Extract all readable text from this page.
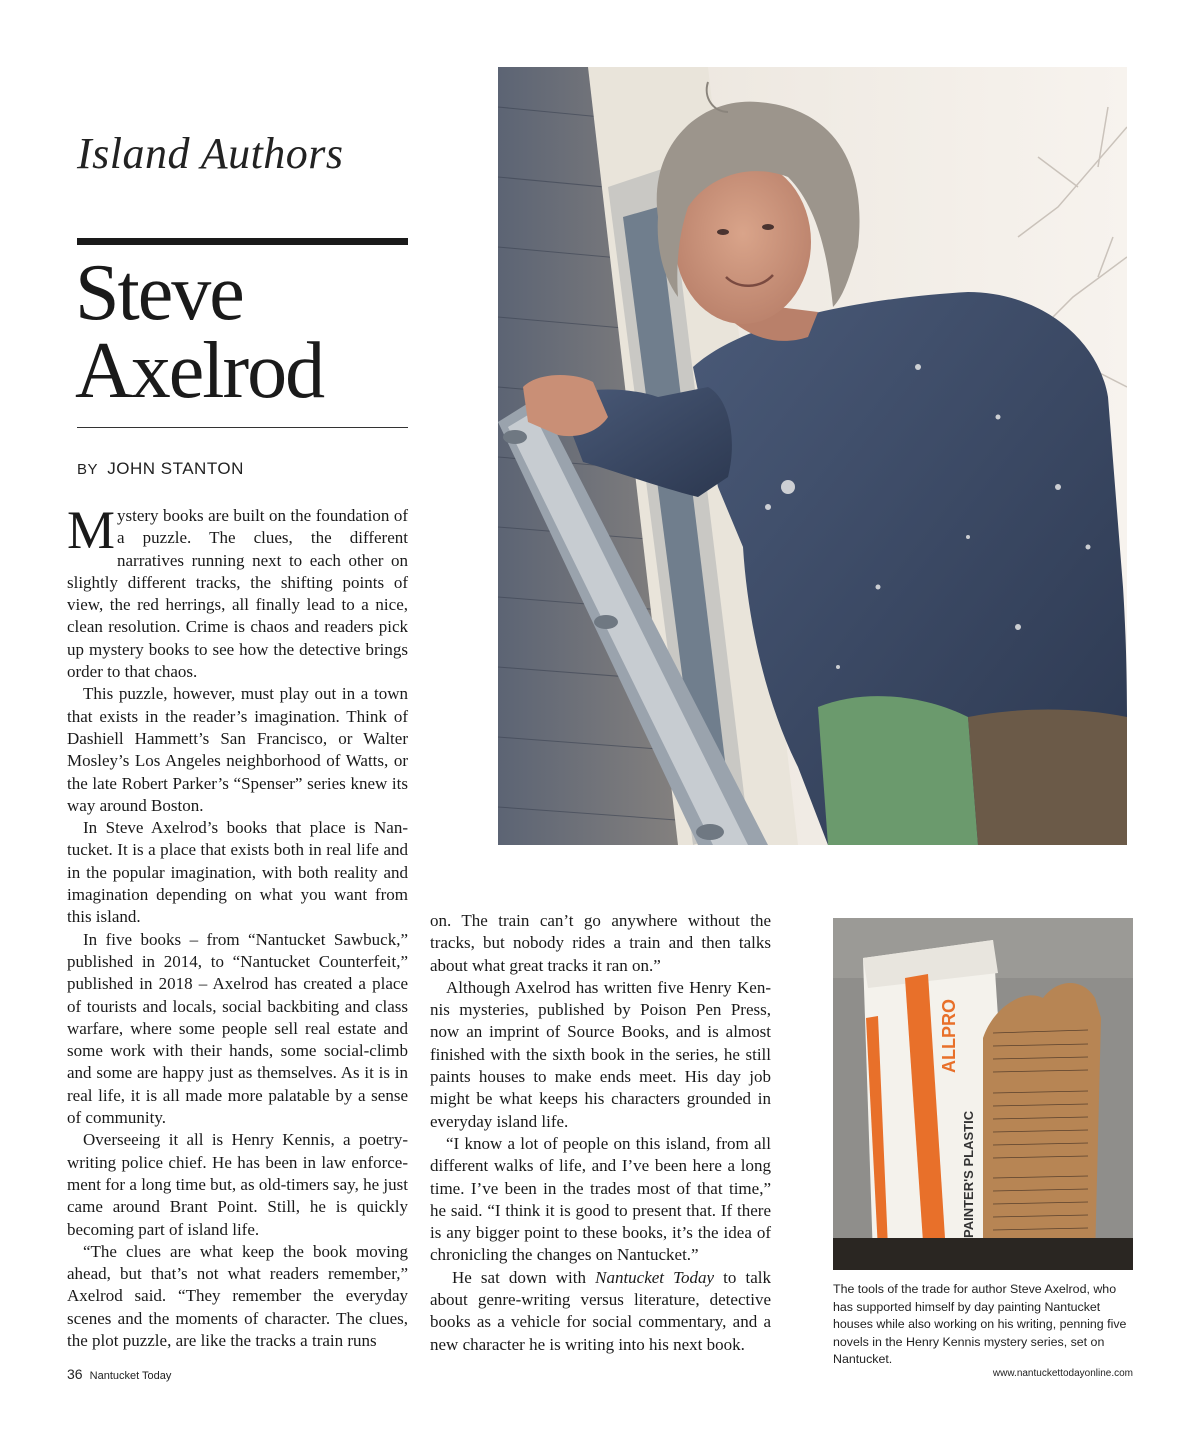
Island Authors
Steve
Axelrod
BY JOHN STANTON

Mystery books are built on the foundation of a puzzle. The clues, the different narratives running next to each other on slightly different tracks, the shifting points of view, the red herrings, all finally lead to a nice, clean resolution. Crime is chaos and readers pick up mystery books to see how the detective brings order to that chaos.

This puzzle, however, must play out in a town that exists in the reader’s imagination. Think of Dashiell Hammett’s San Francisco, or Walter Mosley’s Los Angeles neighborhood of Watts, or the late Robert Parker’s “Spenser” series knew its way around Boston.

In Steve Axelrod’s books that place is Nantucket. It is a place that exists both in real life and in the popular imagination, with both reality and imagination depending on what you want from this island.

In five books – from “Nantucket Sawbuck,” published in 2014, to “Nantucket Counterfeit,” published in 2018 – Axelrod has created a place of tourists and locals, social backbiting and class warfare, where some people sell real estate and some work with their hands, some social-climb and some are happy just as themselves. As it is in real life, it is all made more palatable by a sense of community.

Overseeing it all is Henry Kennis, a poetry-writing police chief. He has been in law enforcement for a long time but, as old-timers say, he just came around Brant Point. Still, he is quickly becoming part of island life.

“The clues are what keep the book moving ahead, but that’s not what readers remember,” Axelrod said. “They remember the everyday scenes and the moments of character. The clues, the plot puzzle, are like the tracks a train runs

on. The train can’t go anywhere without the tracks, but nobody rides a train and then talks about what great tracks it ran on.”

Although Axelrod has written five Henry Kennis mysteries, published by Poison Pen Press, now an imprint of Source Books, and is almost finished with the sixth book in the series, he still paints houses to make ends meet. His day job might be what keeps his characters grounded in everyday island life.

“I know a lot of people on this island, from all different walks of life, and I’ve been here a long time. I’ve been in the trades most of that time,” he said. “I think it is good to present that. If there is any bigger point to these books, it’s the idea of chronicling the changes on Nantucket.”

He sat down with Nantucket Today to talk about genre-writing versus literature, detective books as a vehicle for social commentary, and a new character he is writing into his next book.

ALLPRO
PAINTER'S PLASTIC
The tools of the trade for author Steve Axelrod, who has supported himself by day painting Nantucket houses while also working on his writing, penning five novels in the Henry Kennis mystery series, set on Nantucket.
36 Nantucket Today	www.nantuckettodayonline.com
